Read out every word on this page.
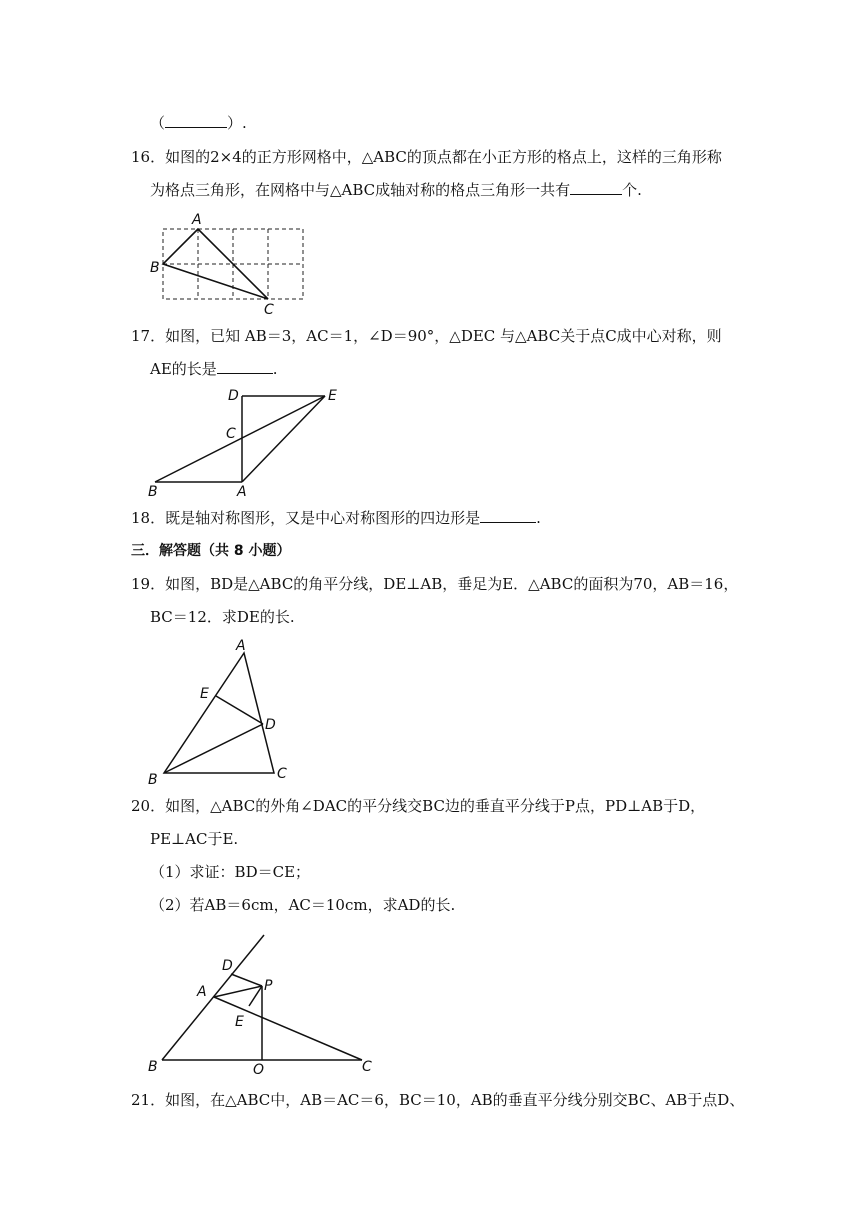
（	）.
16．如图的2×4的正方形网格中，△ABC的顶点都在小正方形的格点上，这样的三角形称
为格点三角形，在网格中与△ABC成轴对称的格点三角形一共有	个.
A
B
C
17．如图，已知 AB＝3，AC＝1，∠D＝90°，△DEC 与△ABC关于点C成中心对称，则
AE的长是	.
B	A
C
D	E
18．既是轴对称图形，又是中心对称图形的四边形是	.
三．解答题（共 8 小题）
19．如图，BD是△ABC的角平分线，DE⊥AB，垂足为E．△ABC的面积为70，AB＝16，
BC＝12．求DE的长.
A
E
D
B	C
20．如图，△ABC的外角∠DAC的平分线交BC边的垂直平分线于P点，PD⊥AB于D，
PE⊥AC于E.
（1）求证：BD＝CE；
（2）若AB＝6cm，AC＝10cm，求AD的长.
D
A	P
E
B	Q	C
21．如图，在△ABC中，AB＝AC＝6，BC＝10，AB的垂直平分线分别交BC、AB于点D、
